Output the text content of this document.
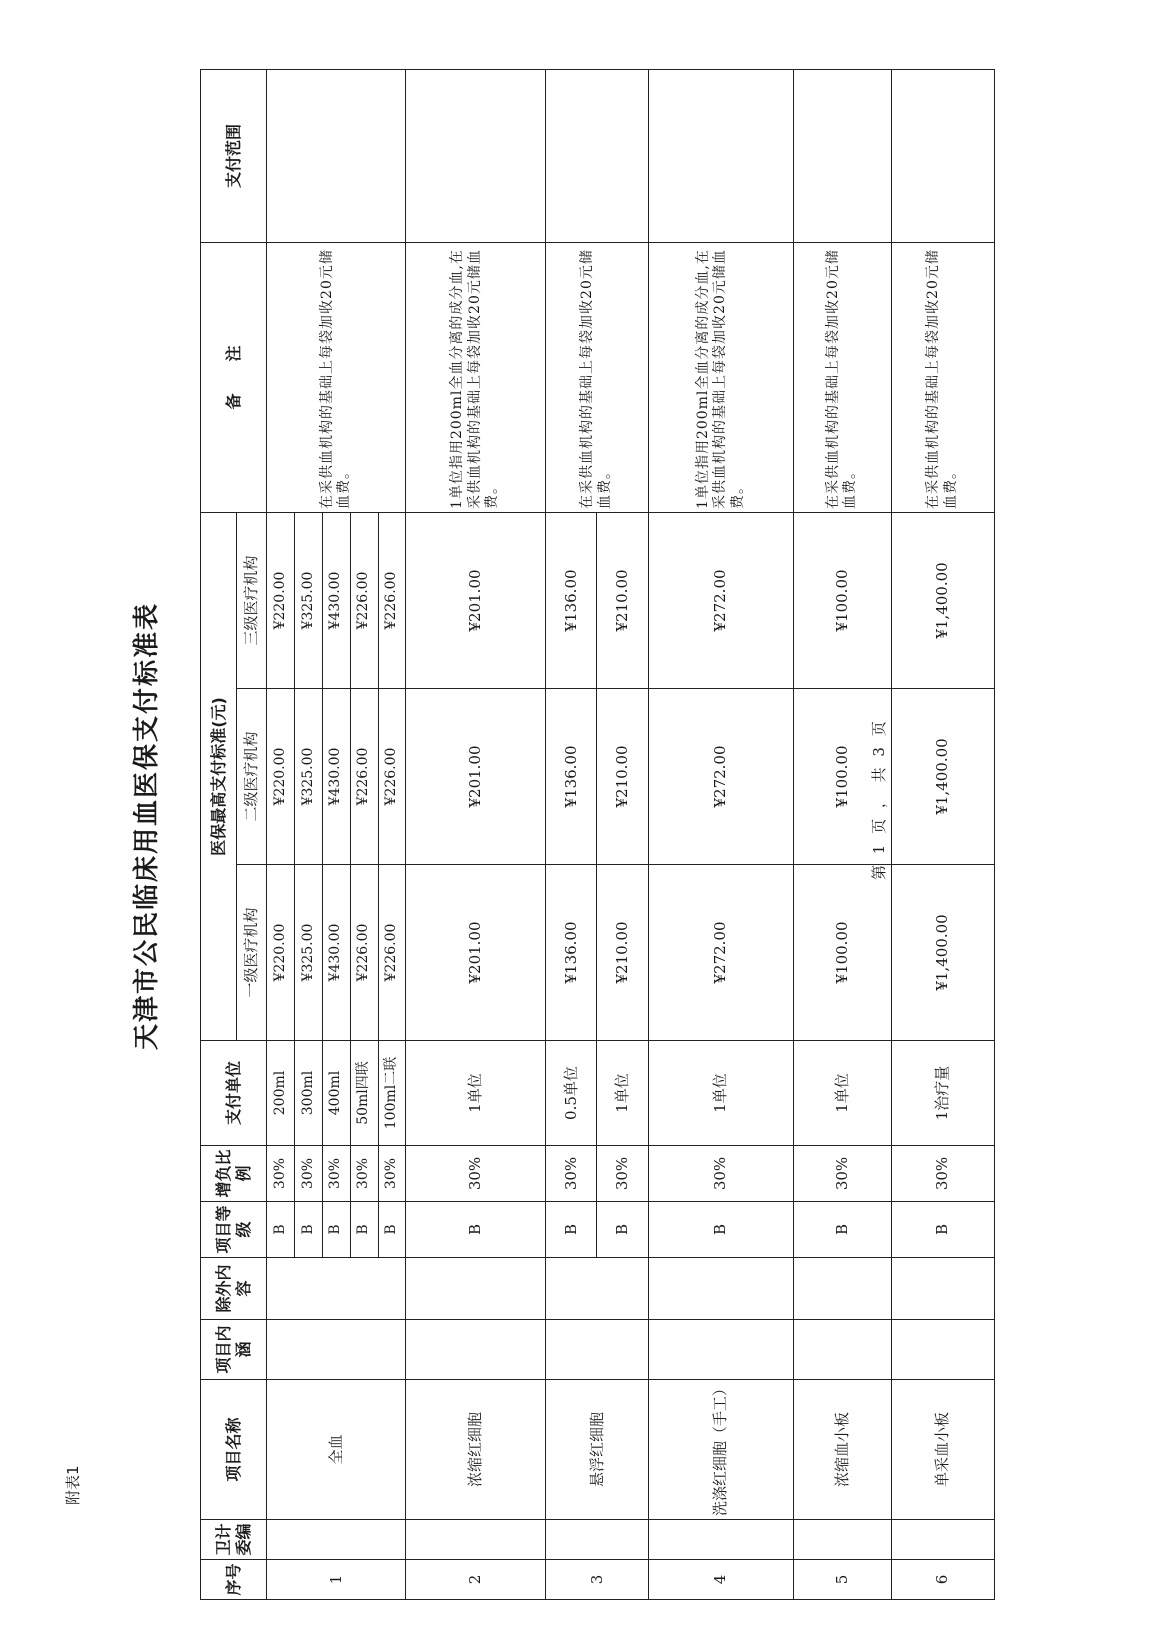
附表1
天津市公民临床用血医保支付标准表	第 1 页 ， 共 3 页
序号	卫计委编	项目名称	项目内涵	除外内容	项目等级	增负比例	支付单位	医保最高支付标准(元)			备　　注	支付范围
								一级医疗机构	二级医疗机构	三级医疗机构		
1		全血			B	30%	200ml	¥220.00	¥220.00	¥220.00	在采供血机构的基础上每袋加收20元储血费。	
					B	30%	300ml	¥325.00	¥325.00	¥325.00		
					B	30%	400ml	¥430.00	¥430.00	¥430.00		
					B	30%	50ml四联	¥226.00	¥226.00	¥226.00		
					B	30%	100ml二联	¥226.00	¥226.00	¥226.00		
2		浓缩红细胞			B	30%	1单位	¥201.00	¥201.00	¥201.00	1单位指用200ml全血分离的成分血,在采供血机构的基础上每袋加收20元储血费。	
3		悬浮红细胞			B	30%	0.5单位	¥136.00	¥136.00	¥136.00	在采供血机构的基础上每袋加收20元储血费。	
					B	30%	1单位	¥210.00	¥210.00	¥210.00		
4		洗涤红细胞（手工）			B	30%	1单位	¥272.00	¥272.00	¥272.00	1单位指用200ml全血分离的成分血,在采供血机构的基础上每袋加收20元储血费。	
5		浓缩血小板			B	30%	1单位	¥100.00	¥100.00	¥100.00	在采供血机构的基础上每袋加收20元储血费。	
6		单采血小板			B	30%	1治疗量	¥1,400.00	¥1,400.00	¥1,400.00	在采供血机构的基础上每袋加收20元储血费。	
